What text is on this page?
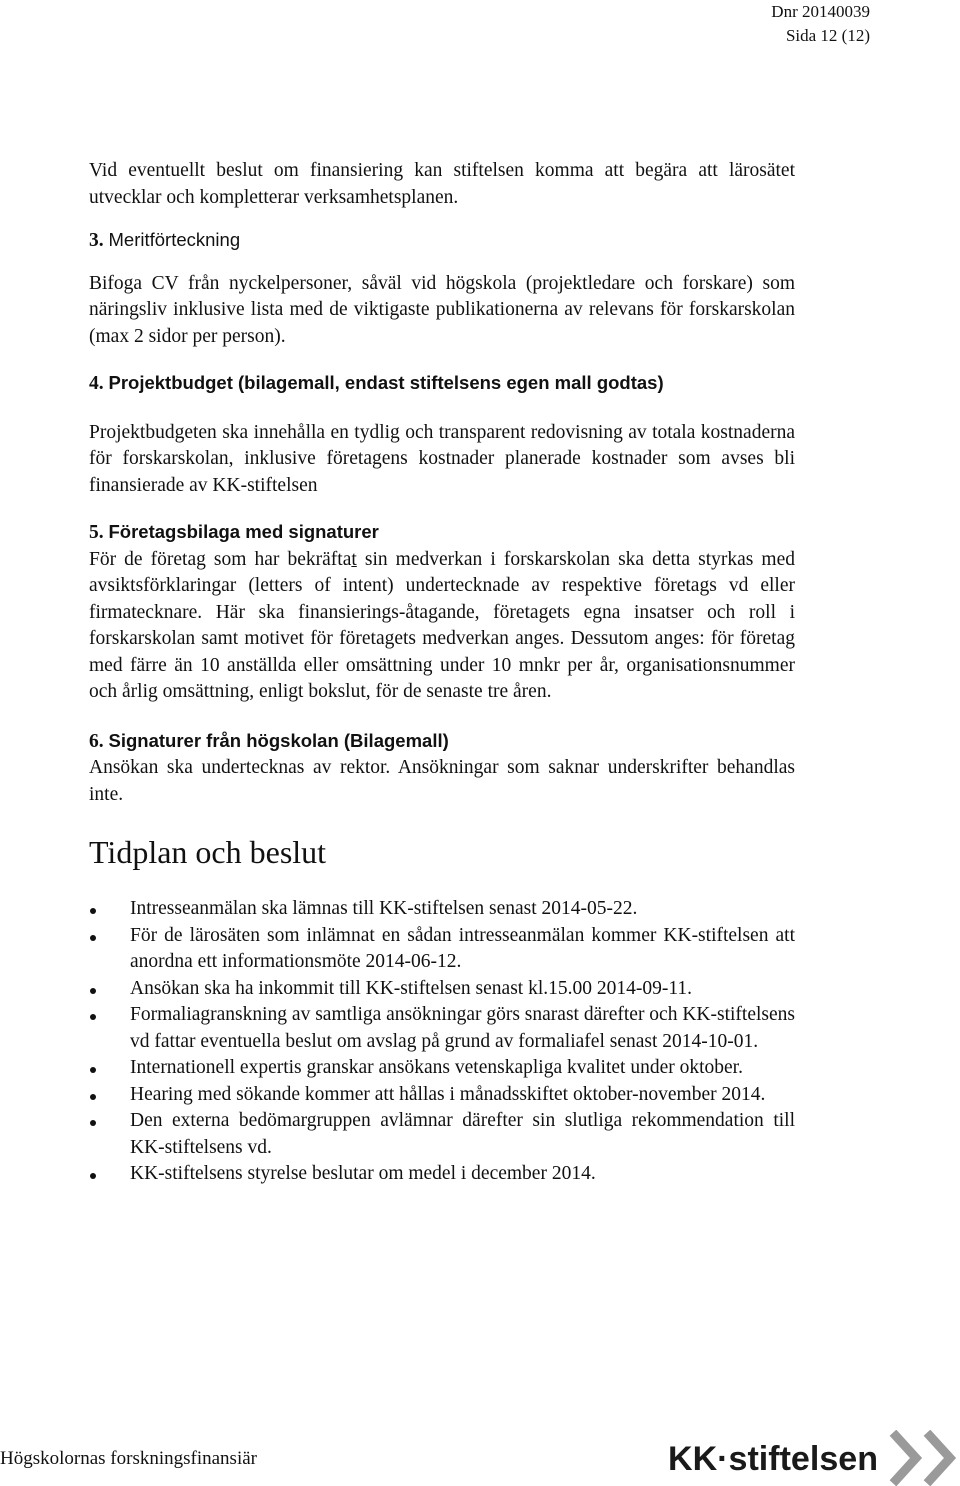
Dnr 20140039
Sida 12 (12)

Vid eventuellt beslut om finansiering kan stiftelsen komma att begära att lärosätet utvecklar och kompletterar verksamhetsplanen.

3. Meritförteckning

Bifoga CV från nyckelpersoner, såväl vid högskola (projektledare och forskare) som näringsliv inklusive lista med de viktigaste publikationerna av relevans för forskarskolan (max 2 sidor per person).

4. Projektbudget (bilagemall, endast stiftelsens egen mall godtas)

Projektbudgeten ska innehålla en tydlig och transparent redovisning av totala kostnaderna för forskarskolan, inklusive företagens kostnader planerade kostnader som avses bli finansierade av KK-stiftelsen

5. Företagsbilaga med signaturer

För de företag som har bekräftat sin medverkan i forskarskolan ska detta styrkas med avsiktsförklaringar (letters of intent) undertecknade av respektive företags vd eller firmatecknare. Här ska finansierings-åtagande, företagets egna insatser och roll i forskarskolan samt motivet för företagets medverkan anges. Dessutom anges: för företag med färre än 10 anställda eller omsättning under 10 mnkr per år, organisationsnummer och årlig omsättning, enligt bokslut, för de senaste tre åren.

6. Signaturer från högskolan (Bilagemall)

Ansökan ska undertecknas av rektor. Ansökningar som saknar underskrifter behandlas inte.

Tidplan och beslut
Intresseanmälan ska lämnas till KK-stiftelsen senast 2014-05-22.
För de lärosäten som inlämnat en sådan intresseanmälan kommer KK-stiftelsen att anordna ett informationsmöte 2014-06-12.
Ansökan ska ha inkommit till KK-stiftelsen senast kl.15.00 2014-09-11.
Formaliagranskning av samtliga ansökningar görs snarast därefter och KK-stiftelsens vd fattar eventuella beslut om avslag på grund av formaliafel senast 2014-10-01.
Internationell expertis granskar ansökans vetenskapliga kvalitet under oktober.
Hearing med sökande kommer att hållas i månadsskiftet oktober-november 2014.
Den externa bedömargruppen avlämnar därefter sin slutliga rekommendation till KK-stiftelsens vd.
KK-stiftelsens styrelse beslutar om medel i december 2014.
Högskolornas forskningsfinansiär	KK·stiftelsen
